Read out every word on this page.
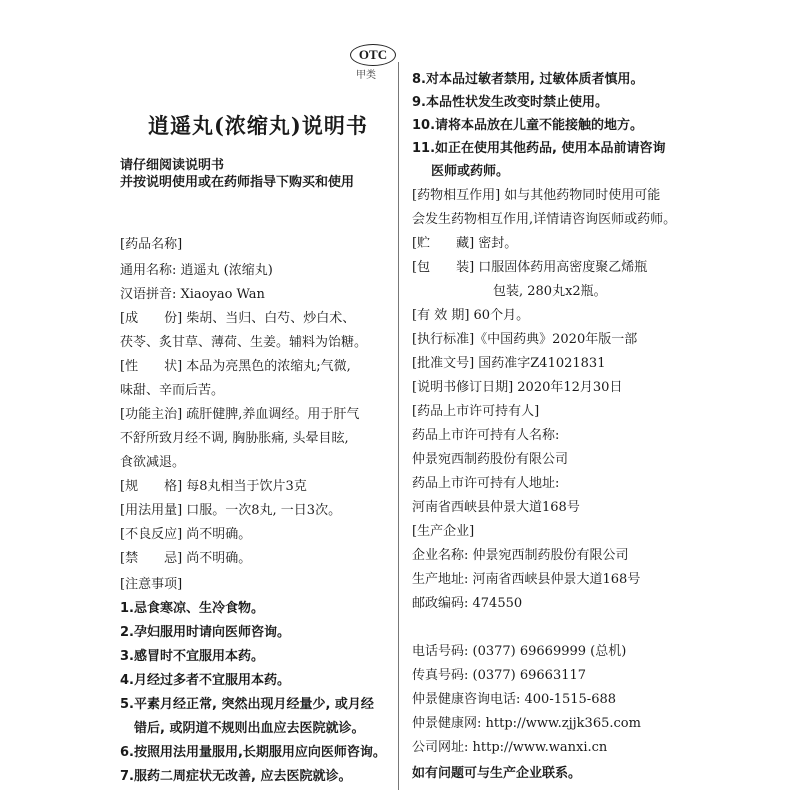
OTC
甲类
逍遥丸(浓缩丸)说明书
请仔细阅读说明书
并按说明使用或在药师指导下购买和使用
[药品名称]
通用名称: 逍遥丸 (浓缩丸)
汉语拼音: Xiaoyao Wan
[成　　份] 柴胡、当归、白芍、炒白术、
茯苓、炙甘草、薄荷、生姜。辅料为饴糖。
[性　　状] 本品为亮黑色的浓缩丸;气微,
味甜、辛而后苦。
[功能主治] 疏肝健脾,养血调经。用于肝气
不舒所致月经不调, 胸胁胀痛, 头晕目眩,
食欲减退。
[规　　格] 每8丸相当于饮片3克
[用法用量] 口服。一次8丸, 一日3次。
[不良反应] 尚不明确。
[禁　　忌] 尚不明确。
[注意事项]
1.忌食寒凉、生冷食物。
2.孕妇服用时请向医师咨询。
3.感冒时不宜服用本药。
4.月经过多者不宜服用本药。
5.平素月经正常, 突然出现月经量少, 或月经
错后, 或阴道不规则出血应去医院就诊。
6.按照用法用量服用,长期服用应向医师咨询。
7.服药二周症状无改善, 应去医院就诊。
8.对本品过敏者禁用, 过敏体质者慎用。
9.本品性状发生改变时禁止使用。
10.请将本品放在儿童不能接触的地方。
11.如正在使用其他药品, 使用本品前请咨询
医师或药师。
[药物相互作用] 如与其他药物同时使用可能
会发生药物相互作用,详情请咨询医师或药师。
[贮　　藏] 密封。
[包　　装] 口服固体药用高密度聚乙烯瓶
包装, 280丸x2瓶。
[有 效 期] 60个月。
[执行标准]《中国药典》2020年版一部
[批准文号] 国药准字Z41021831
[说明书修订日期] 2020年12月30日
[药品上市许可持有人]
药品上市许可持有人名称:
仲景宛西制药股份有限公司
药品上市许可持有人地址:
河南省西峡县仲景大道168号
[生产企业]
企业名称: 仲景宛西制药股份有限公司
生产地址: 河南省西峡县仲景大道168号
邮政编码: 474550
电话号码: (0377) 69669999 (总机)
传真号码: (0377) 69663117
仲景健康咨询电话: 400-1515-688
仲景健康网: http://www.zjjk365.com
公司网址: http://www.wanxi.cn
如有问题可与生产企业联系。
